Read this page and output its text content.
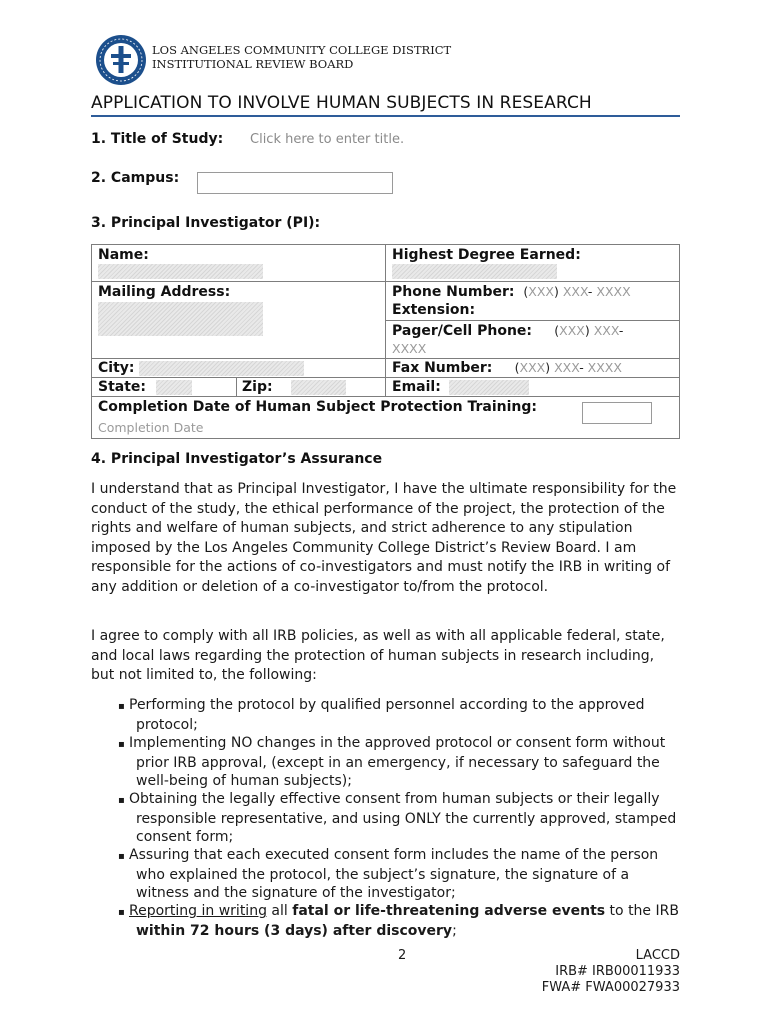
LOS ANGELES COMMUNITY COLLEGE DISTRICT
INSTITUTIONAL REVIEW BOARD
APPLICATION TO INVOLVE HUMAN SUBJECTS IN RESEARCH
1. Title of Study: Click here to enter title.
2. Campus:
3. Principal Investigator (PI):
Name:	Highest Degree Earned:

Mailing Address:	Phone Number: (XXX) XXX- XXXX
Extension:

	Pager/Cell Phone: (XXX) XXX-
XXXX

City:	Fax Number: (XXX) XXX- XXXX

State: Zip:	Email:

Completion Date of Human Subject Protection Training:
Completion Date	
4. Principal Investigator’s Assurance
I understand that as Principal Investigator, I have the ultimate responsibility for the conduct of the study, the ethical performance of the project, the protection of the rights and welfare of human subjects, and strict adherence to any stipulation imposed by the Los Angeles Community College District’s Review Board. I am responsible for the actions of co-investigators and must notify the IRB in writing of any addition or deletion of a co-investigator to/from the protocol.
I agree to comply with all IRB policies, as well as with all applicable federal, state, and local laws regarding the protection of human subjects in research including, but not limited to, the following:
▪ Performing the protocol by qualified personnel according to the approved protocol;
▪ Implementing NO changes in the approved protocol or consent form without prior IRB approval, (except in an emergency, if necessary to safeguard the well-being of human subjects);
▪ Obtaining the legally effective consent from human subjects or their legally responsible representative, and using ONLY the currently approved, stamped consent form;
▪ Assuring that each executed consent form includes the name of the person who explained the protocol, the subject’s signature, the signature of a witness and the signature of the investigator;
▪ Reporting in writing all fatal or life-threatening adverse events to the IRB within 72 hours (3 days) after discovery;
2	LACCD
IRB# IRB00011933
FWA# FWA00027933
